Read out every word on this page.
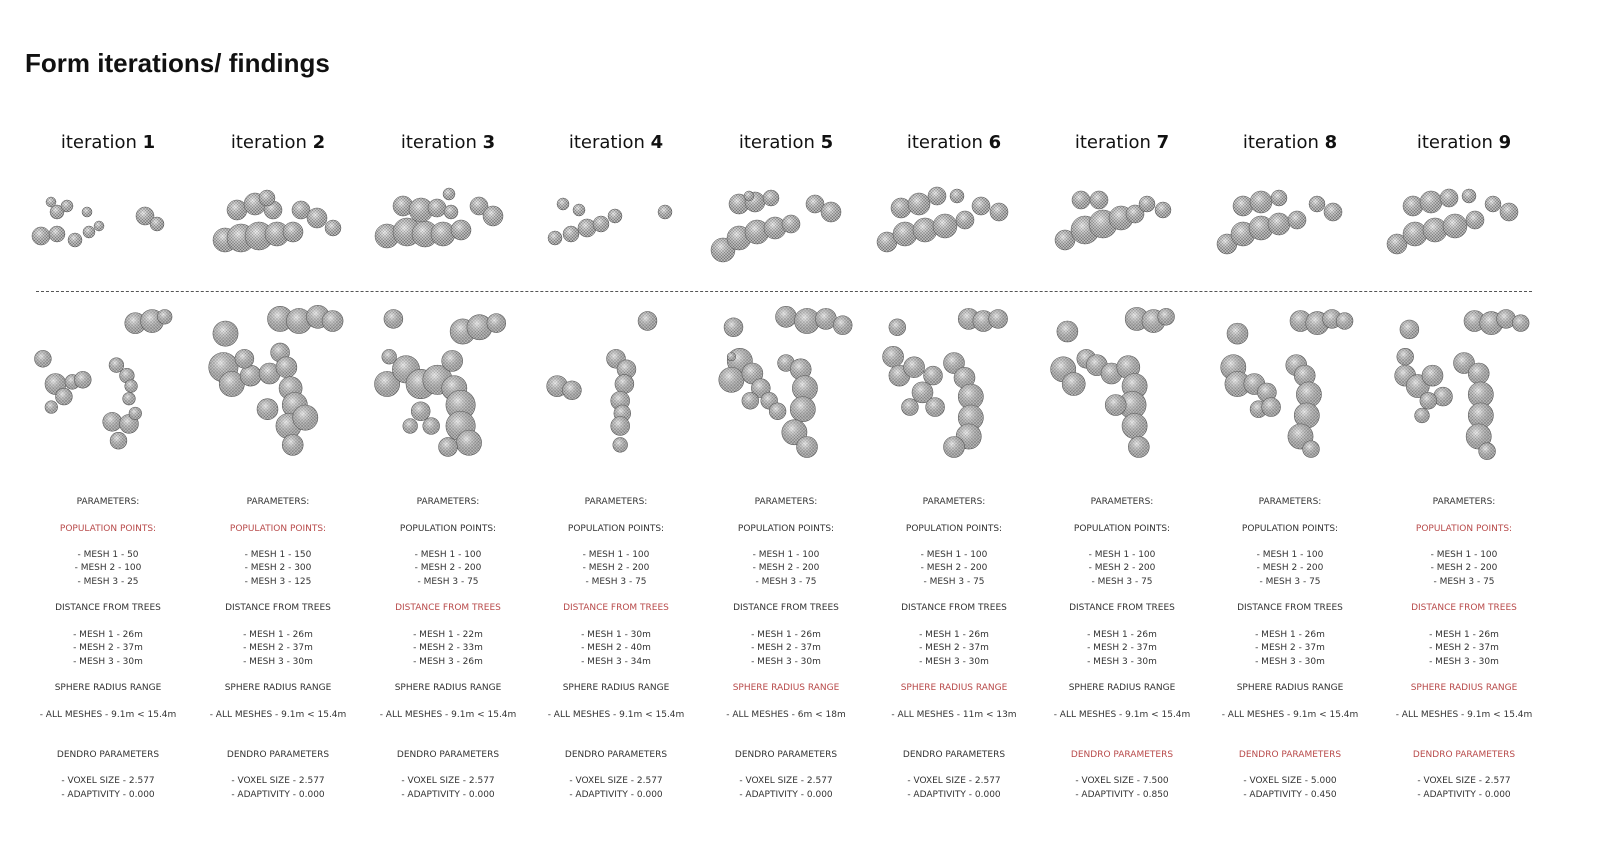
Form iterations/ findings
iteration 1
PARAMETERS:
POPULATION POINTS:
- MESH 1 - 50
- MESH 2 - 100
- MESH 3 - 25
DISTANCE FROM TREES
- MESH 1 - 26m
- MESH 2 - 37m
- MESH 3 - 30m
SPHERE RADIUS RANGE
- ALL MESHES - 9.1m < 15.4m
DENDRO PARAMETERS
- VOXEL SIZE - 2.577
- ADAPTIVITY - 0.000
iteration 2
PARAMETERS:
POPULATION POINTS:
- MESH 1 - 150
- MESH 2 - 300
- MESH 3 - 125
DISTANCE FROM TREES
- MESH 1 - 26m
- MESH 2 - 37m
- MESH 3 - 30m
SPHERE RADIUS RANGE
- ALL MESHES - 9.1m < 15.4m
DENDRO PARAMETERS
- VOXEL SIZE - 2.577
- ADAPTIVITY - 0.000
iteration 3
PARAMETERS:
POPULATION POINTS:
- MESH 1 - 100
- MESH 2 - 200
- MESH 3 - 75
DISTANCE FROM TREES
- MESH 1 - 22m
- MESH 2 - 33m
- MESH 3 - 26m
SPHERE RADIUS RANGE
- ALL MESHES - 9.1m < 15.4m
DENDRO PARAMETERS
- VOXEL SIZE - 2.577
- ADAPTIVITY - 0.000
iteration 4
PARAMETERS:
POPULATION POINTS:
- MESH 1 - 100
- MESH 2 - 200
- MESH 3 - 75
DISTANCE FROM TREES
- MESH 1 - 30m
- MESH 2 - 40m
- MESH 3 - 34m
SPHERE RADIUS RANGE
- ALL MESHES - 9.1m < 15.4m
DENDRO PARAMETERS
- VOXEL SIZE - 2.577
- ADAPTIVITY - 0.000
iteration 5
PARAMETERS:
POPULATION POINTS:
- MESH 1 - 100
- MESH 2 - 200
- MESH 3 - 75
DISTANCE FROM TREES
- MESH 1 - 26m
- MESH 2 - 37m
- MESH 3 - 30m
SPHERE RADIUS RANGE
- ALL MESHES - 6m < 18m
DENDRO PARAMETERS
- VOXEL SIZE - 2.577
- ADAPTIVITY - 0.000
iteration 6
PARAMETERS:
POPULATION POINTS:
- MESH 1 - 100
- MESH 2 - 200
- MESH 3 - 75
DISTANCE FROM TREES
- MESH 1 - 26m
- MESH 2 - 37m
- MESH 3 - 30m
SPHERE RADIUS RANGE
- ALL MESHES - 11m < 13m
DENDRO PARAMETERS
- VOXEL SIZE - 2.577
- ADAPTIVITY - 0.000
iteration 7
PARAMETERS:
POPULATION POINTS:
- MESH 1 - 100
- MESH 2 - 200
- MESH 3 - 75
DISTANCE FROM TREES
- MESH 1 - 26m
- MESH 2 - 37m
- MESH 3 - 30m
SPHERE RADIUS RANGE
- ALL MESHES - 9.1m < 15.4m
DENDRO PARAMETERS
- VOXEL SIZE - 7.500
- ADAPTIVITY - 0.850
iteration 8
PARAMETERS:
POPULATION POINTS:
- MESH 1 - 100
- MESH 2 - 200
- MESH 3 - 75
DISTANCE FROM TREES
- MESH 1 - 26m
- MESH 2 - 37m
- MESH 3 - 30m
SPHERE RADIUS RANGE
- ALL MESHES - 9.1m < 15.4m
DENDRO PARAMETERS
- VOXEL SIZE - 5.000
- ADAPTIVITY - 0.450
iteration 9
PARAMETERS:
POPULATION POINTS:
- MESH 1 - 100
- MESH 2 - 200
- MESH 3 - 75
DISTANCE FROM TREES
- MESH 1 - 26m
- MESH 2 - 37m
- MESH 3 - 30m
SPHERE RADIUS RANGE
- ALL MESHES - 9.1m < 15.4m
DENDRO PARAMETERS
- VOXEL SIZE - 2.577
- ADAPTIVITY - 0.000
